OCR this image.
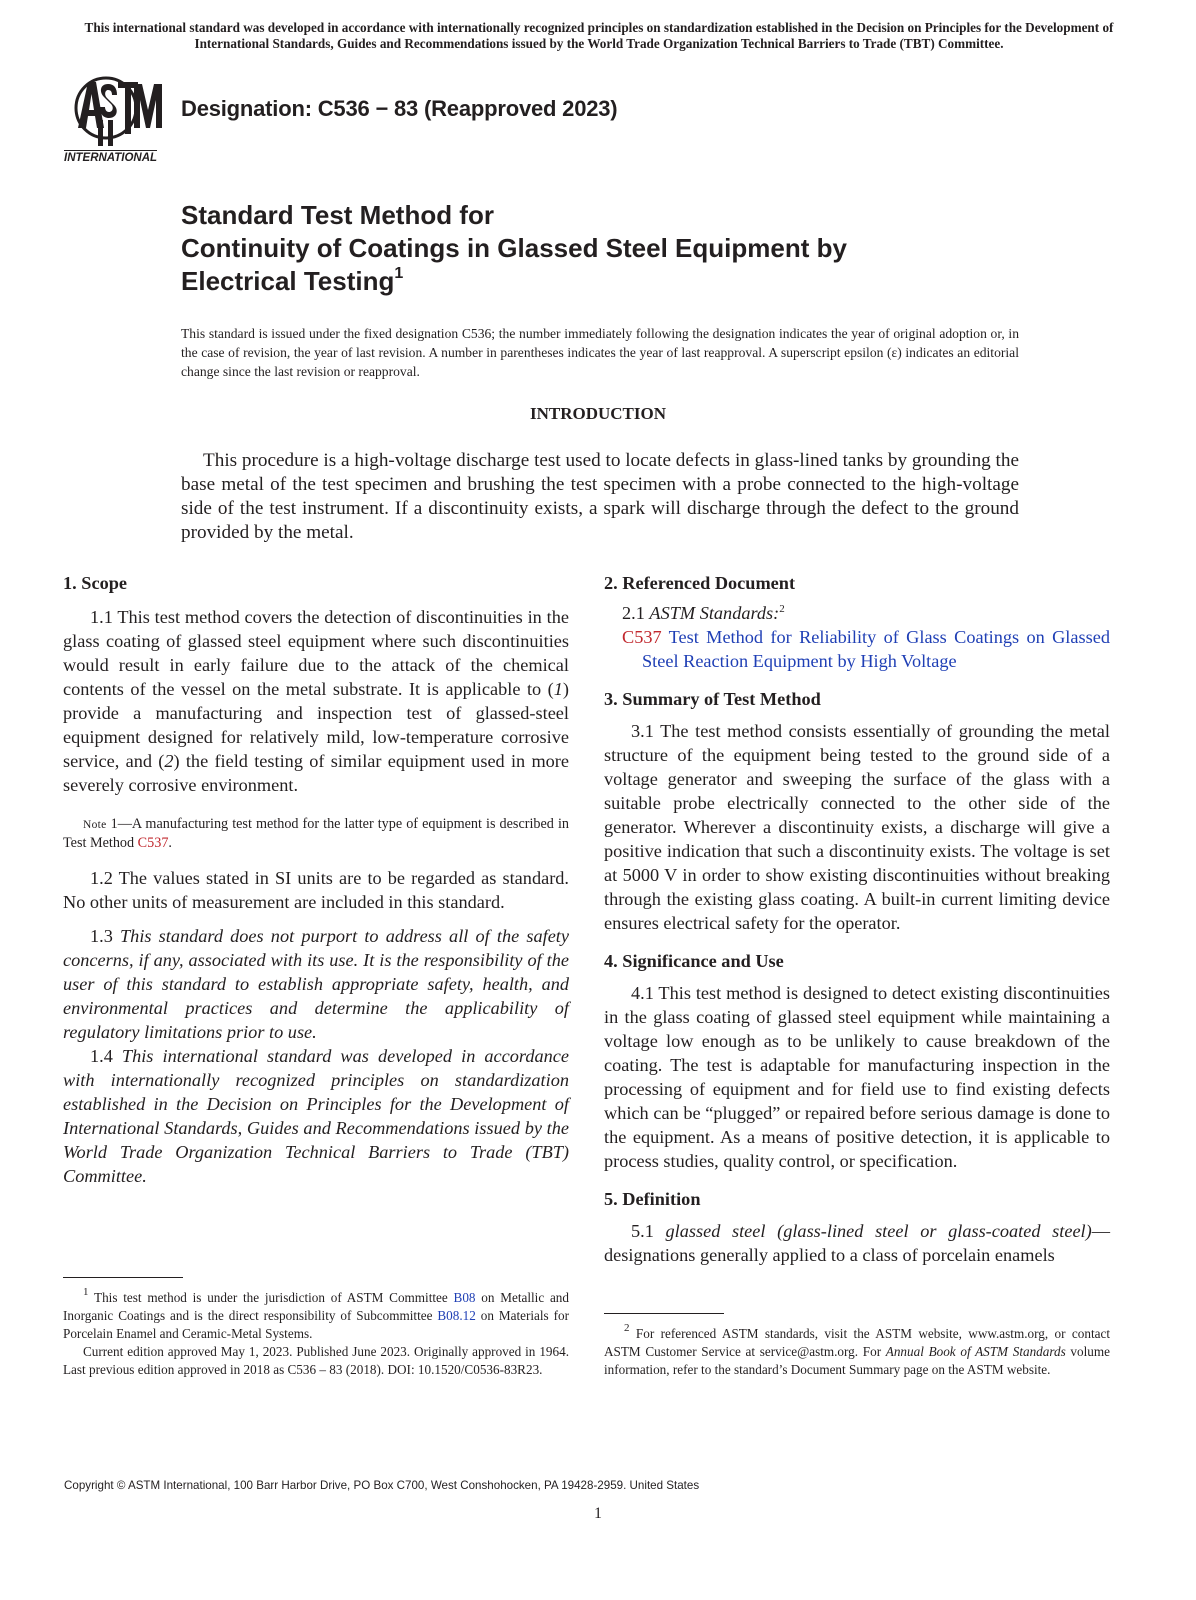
This international standard was developed in accordance with internationally recognized principles on standardization established in the Decision on Principles for the Development of International Standards, Guides and Recommendations issued by the World Trade Organization Technical Barriers to Trade (TBT) Committee.
INTERNATIONAL
Designation: C536 − 83 (Reapproved 2023)
Standard Test Method for
Continuity of Coatings in Glassed Steel Equipment by
Electrical Testing$^1$
This standard is issued under the fixed designation C536; the number immediately following the designation indicates the year of original adoption or, in the case of revision, the year of last revision. A number in parentheses indicates the year of last reapproval. A superscript epsilon (ε) indicates an editorial change since the last revision or reapproval.
INTRODUCTION
This procedure is a high-voltage discharge test used to locate defects in glass-lined tanks by grounding the base metal of the test specimen and brushing the test specimen with a probe connected to the high-voltage side of the test instrument. If a discontinuity exists, a spark will discharge through the defect to the ground provided by the metal.
1. Scope

1.1 This test method covers the detection of discontinuities in the glass coating of glassed steel equipment where such discontinuities would result in early failure due to the attack of the chemical contents of the vessel on the metal substrate. It is applicable to (1) provide a manufacturing and inspection test of glassed-steel equipment designed for relatively mild, low-temperature corrosive service, and (2) the field testing of similar equipment used in more severely corrosive environment.

Note 1—A manufacturing test method for the latter type of equipment is described in Test Method C537.

1.2 The values stated in SI units are to be regarded as standard. No other units of measurement are included in this standard.

1.3 This standard does not purport to address all of the safety concerns, if any, associated with its use. It is the responsibility of the user of this standard to establish appropriate safety, health, and environmental practices and determine the applicability of regulatory limitations prior to use.

1.4 This international standard was developed in accordance with internationally recognized principles on standardization established in the Decision on Principles for the Development of International Standards, Guides and Recommendations issued by the World Trade Organization Technical Barriers to Trade (TBT) Committee.

$^1$ This test method is under the jurisdiction of ASTM Committee B08 on Metallic and Inorganic Coatings and is the direct responsibility of Subcommittee B08.12 on Materials for Porcelain Enamel and Ceramic-Metal Systems.

Current edition approved May 1, 2023. Published June 2023. Originally approved in 1964. Last previous edition approved in 2018 as C536 – 83 (2018). DOI: 10.1520/C0536-83R23.

2. Referenced Document

2.1 ASTM Standards:$^2$

C537 Test Method for Reliability of Glass Coatings on Glassed Steel Reaction Equipment by High Voltage

3. Summary of Test Method

3.1 The test method consists essentially of grounding the metal structure of the equipment being tested to the ground side of a voltage generator and sweeping the surface of the glass with a suitable probe electrically connected to the other side of the generator. Wherever a discontinuity exists, a discharge will give a positive indication that such a discontinuity exists. The voltage is set at 5000 V in order to show existing discontinuities without breaking through the existing glass coating. A built-in current limiting device ensures electrical safety for the operator.

4. Significance and Use

4.1 This test method is designed to detect existing discontinuities in the glass coating of glassed steel equipment while maintaining a voltage low enough as to be unlikely to cause breakdown of the coating. The test is adaptable for manufacturing inspection in the processing of equipment and for field use to find existing defects which can be “plugged” or repaired before serious damage is done to the equipment. As a means of positive detection, it is applicable to process studies, quality control, or specification.

5. Definition

5.1 glassed steel (glass-lined steel or glass-coated steel)—designations generally applied to a class of porcelain enamels

$^2$ For referenced ASTM standards, visit the ASTM website, www.astm.org, or contact ASTM Customer Service at service@astm.org. For Annual Book of ASTM Standards volume information, refer to the standard’s Document Summary page on the ASTM website.

Copyright © ASTM International, 100 Barr Harbor Drive, PO Box C700, West Conshohocken, PA 19428-2959. United States
1
